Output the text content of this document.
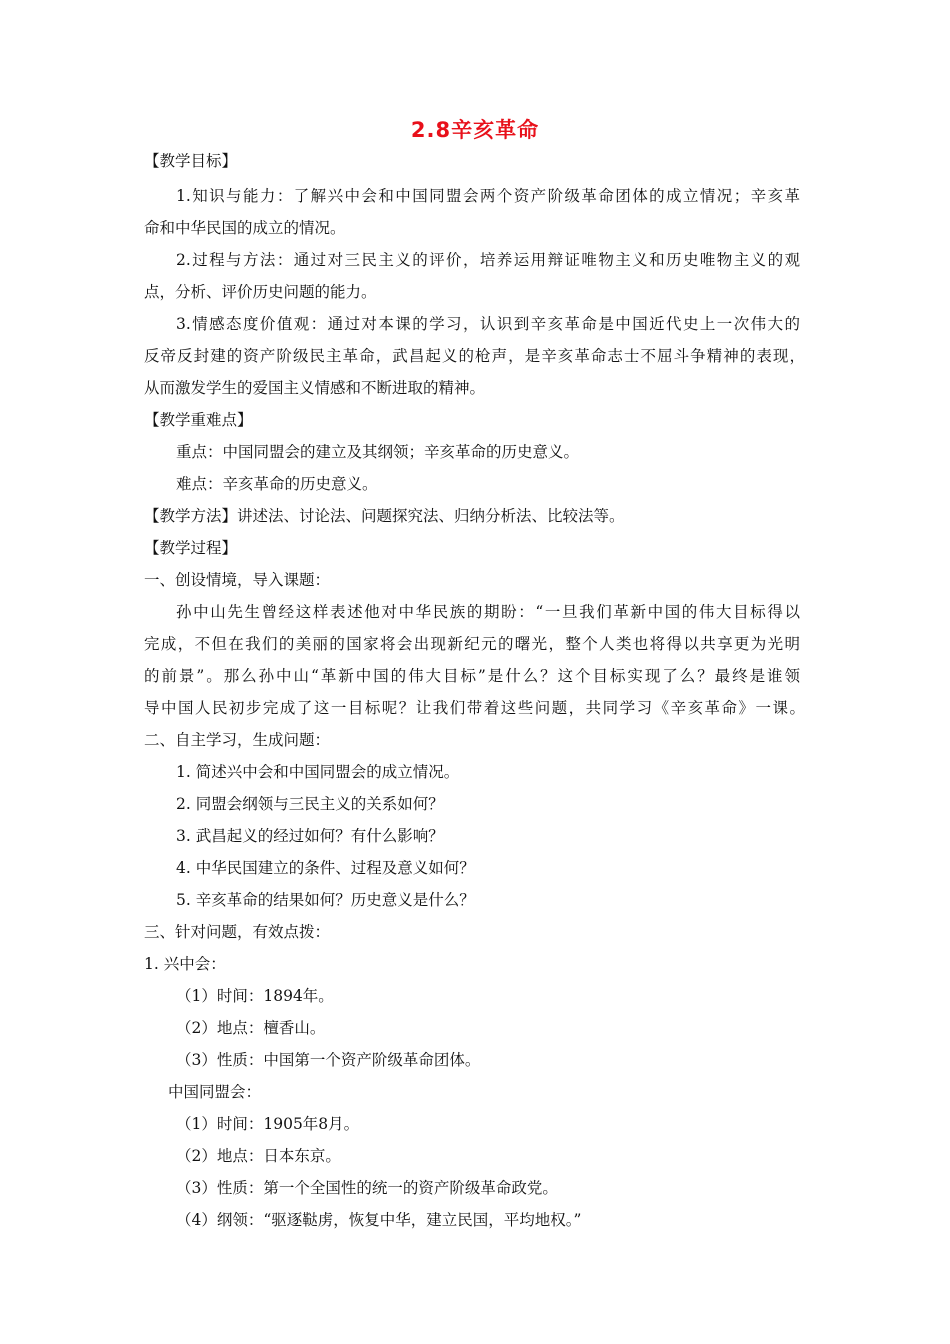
2.8辛亥革命
【教学目标】
1.知识与能力：了解兴中会和中国同盟会两个资产阶级革命团体的成立情况；辛亥革
命和中华民国的成立的情况。
2.过程与方法：通过对三民主义的评价，培养运用辩证唯物主义和历史唯物主义的观
点，分析、评价历史问题的能力。
3.情感态度价值观：通过对本课的学习，认识到辛亥革命是中国近代史上一次伟大的
反帝反封建的资产阶级民主革命，武昌起义的枪声，是辛亥革命志士不屈斗争精神的表现，
从而激发学生的爱国主义情感和不断进取的精神。
【教学重难点】
重点：中国同盟会的建立及其纲领；辛亥革命的历史意义。
难点：辛亥革命的历史意义。
【教学方法】讲述法、讨论法、问题探究法、归纳分析法、比较法等。
【教学过程】
一、创设情境，导入课题：
孙中山先生曾经这样表述他对中华民族的期盼：“一旦我们革新中国的伟大目标得以
完成，不但在我们的美丽的国家将会出现新纪元的曙光，整个人类也将得以共享更为光明
的前景”。那么孙中山“革新中国的伟大目标”是什么？这个目标实现了么？最终是谁领
导中国人民初步完成了这一目标呢？让我们带着这些问题，共同学习《辛亥革命》一课。
二、自主学习，生成问题：
1. 简述兴中会和中国同盟会的成立情况。
2. 同盟会纲领与三民主义的关系如何？
3. 武昌起义的经过如何？有什么影响？
4. 中华民国建立的条件、过程及意义如何？
5. 辛亥革命的结果如何？历史意义是什么？
三、针对问题，有效点拨：
1. 兴中会：
（1）时间：1894年。
（2）地点：檀香山。
（3）性质：中国第一个资产阶级革命团体。
中国同盟会：
（1）时间：1905年8月。
（2）地点：日本东京。
（3）性质：第一个全国性的统一的资产阶级革命政党。
（4）纲领：“驱逐鞑虏，恢复中华，建立民国，平均地权。”
